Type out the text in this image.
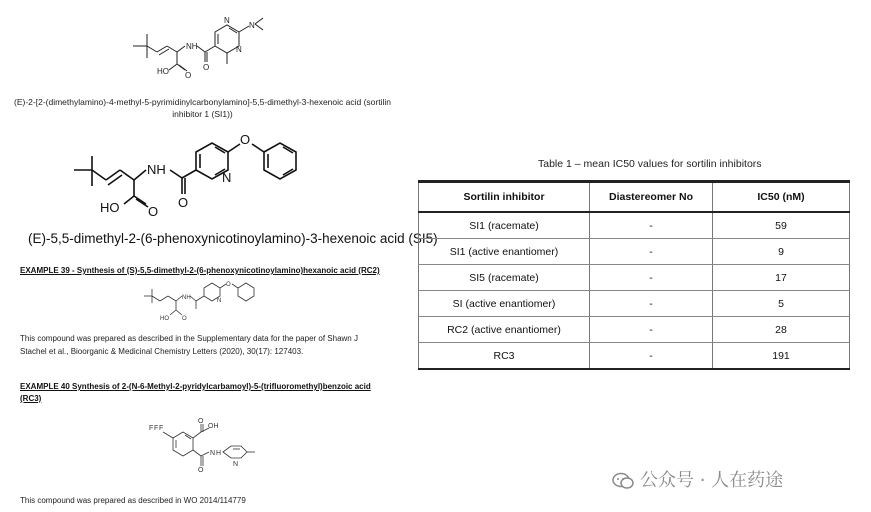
NH	N
N
N
O
HO O
(E)-2-[2-(dimethylamino)-4-methyl-5-pyrimidinylcarbonylamino]-5,5-dimethyl-3-hexenoic acid (sortilin
inhibitor 1 (SI1))
NH
N
O
O
HO O
(E)-5,5-dimethyl-2-(6-phenoxynicotinoylamino)-3-hexenoic acid (SI5)
EXAMPLE 39 - Synthesis of (S)-5,5-dimethyl-2-(6-phenoxynicotinoylamino)hexanoic acid (RC2)
NH	N
O
HO O
This compound was prepared as described in the Supplementary data for the paper of Shawn J
Stachel et al., Bioorganic & Medicinal Chemistry Letters (2020), 30(17): 127403.
EXAMPLE 40 Synthesis of 2-(N-6-Methyl-2-pyridylcarbamoyl)-5-(trifluoromethyl)benzoic acid
(RC3)
F F F	OH
O
O
N H
N
This compound was prepared as described in WO 2014/114779
Table 1 – mean IC50 values for sortilin inhibitors
Sortilin inhibitor	Diastereomer No	IC50 (nM)
SI1 (racemate)	-	59
SI1 (active enantiomer)	-	9
SI5 (racemate)	-	17
SI (active enantiomer)	-	5
RC2 (active enantiomer)	-	28
RC3	-	191
公众号 · 人在药途
